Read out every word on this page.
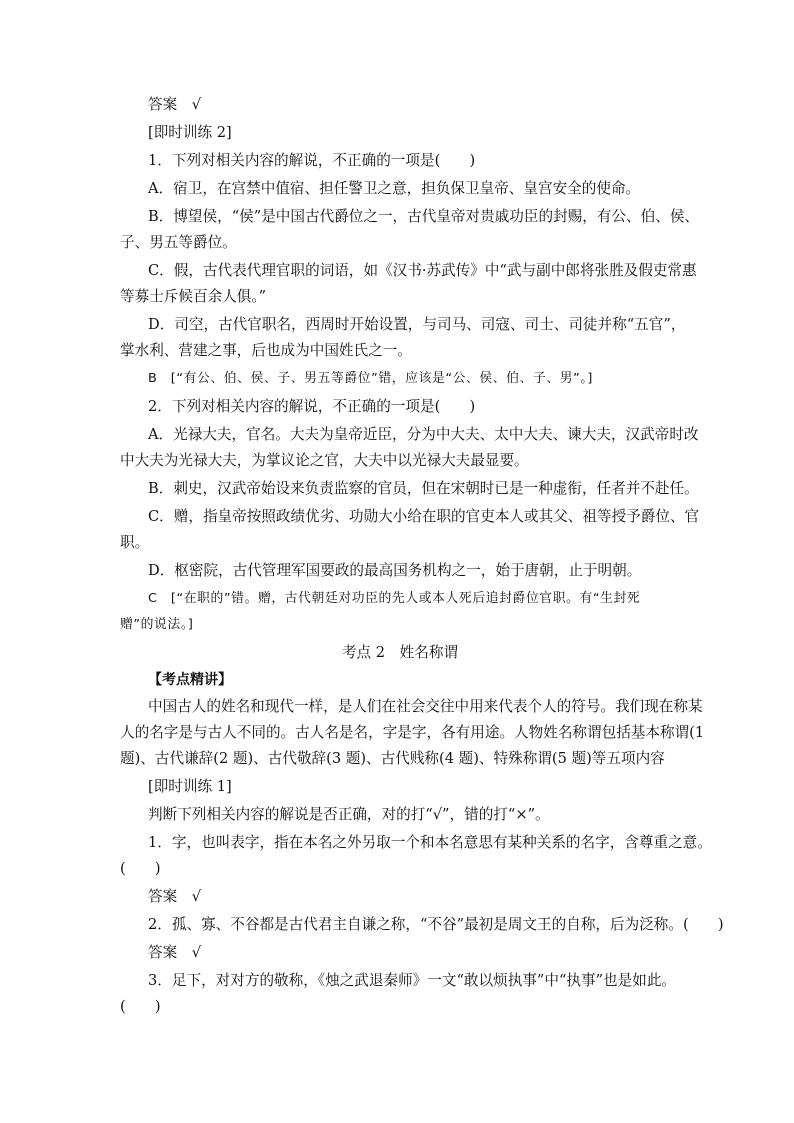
答案　√
[即时训练 2]
1．下列对相关内容的解说，不正确的一项是(　　)
A．宿卫，在宫禁中值宿、担任警卫之意，担负保卫皇帝、皇宫安全的使命。
B．博望侯，“侯”是中国古代爵位之一，古代皇帝对贵戚功臣的封赐，有公、伯、侯、
子、男五等爵位。
C．假，古代表代理官职的词语，如《汉书·苏武传》中“武与副中郎将张胜及假吏常惠
等募士斥候百余人俱。”
D．司空，古代官职名，西周时开始设置，与司马、司寇、司士、司徒并称“五官”，
掌水利、营建之事，后也成为中国姓氏之一。
B　[“有公、伯、侯、子、男五等爵位”错，应该是“公、侯、伯、子、男”。]
2．下列对相关内容的解说，不正确的一项是(　　)
A．光禄大夫，官名。大夫为皇帝近臣，分为中大夫、太中大夫、谏大夫，汉武帝时改
中大夫为光禄大夫，为掌议论之官，大夫中以光禄大夫最显要。
B．刺史，汉武帝始设来负责监察的官员，但在宋朝时已是一种虚衔，任者并不赴任。
C．赠，指皇帝按照政绩优劣、功勋大小给在职的官吏本人或其父、祖等授予爵位、官
职。
D．枢密院，古代管理军国要政的最高国务机构之一，始于唐朝，止于明朝。
C　[“在职的”错。赠，古代朝廷对功臣的先人或本人死后追封爵位官职。有“生封死
赠”的说法。]
考点 2　姓名称谓
【考点精讲】
中国古人的姓名和现代一样，是人们在社会交往中用来代表个人的符号。我们现在称某
人的名字是与古人不同的。古人名是名，字是字，各有用途。人物姓名称谓包括基本称谓(1
题)、古代谦辞(2 题)、古代敬辞(3 题)、古代贱称(4 题)、特殊称谓(5 题)等五项内容
[即时训练 1]
判断下列相关内容的解说是否正确，对的打“√”，错的打“×”。
1．字，也叫表字，指在本名之外另取一个和本名意思有某种关系的名字，含尊重之意。
(　　)
答案　√
2．孤、寡、不谷都是古代君主自谦之称，“不谷”最初是周文王的自称，后为泛称。(　　)
答案　√
3．足下，对对方的敬称，《烛之武退秦师》一文“敢以烦执事”中“执事”也是如此。
(　　)
